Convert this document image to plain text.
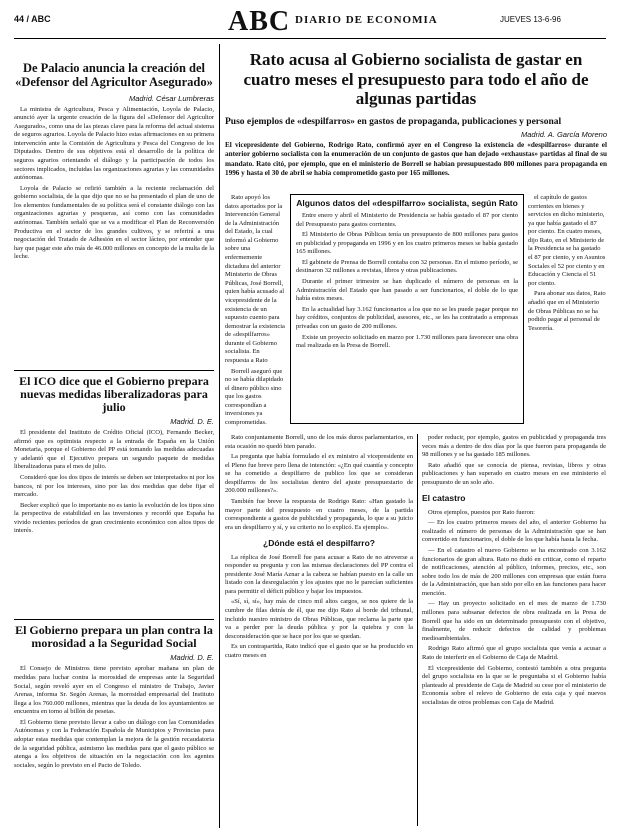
44 / ABC	ABC DIARIO DE ECONOMIA	JUEVES 13-6-96
De Palacio anuncia la creación del «Defensor del Agricultor Asegurado»
Madrid. César Lumbreras

La ministra de Agricultura, Pesca y Alimentación, Loyola de Palacio, anunció ayer la urgente creación de la figura del «Defensor del Agricultor Asegurado», como una de las piezas clave para la reforma del actual sistema de seguros agrarios. Loyola de Palacio hizo estas afirmaciones en su primera intervención ante la Comisión de Agricultura y Pesca del Congreso de los Diputados. Dentro de sus objetivos está el desarrollo de la política de seguros agrarios orientando el diálogo y la participación de todos los sectores implicados, incluidas las organizaciones agrarias y las comunidades autónomas.

Loyola de Palacio se refirió también a la reciente reclamación del gobierno socialista, de la que dijo que no se ha presentado el plan de uno de los elementos fundamentales de su política será el constante diálogo con las organizaciones agrarias y pesqueras, así como con las comunidades autónomas. También señaló que se va a modificar el Plan de Reconversión Productiva en el sector de los grandes cultivos, y se referirá a una negociación del Tratado de Adhesión en el sector lácteo, por entender que hay que pagar este año más de 46.000 millones en concepto de la multa de la leche.

El ICO dice que el Gobierno prepara nuevas medidas liberalizadoras para julio
Madrid. D. E.

El presidente del Instituto de Crédito Oficial (ICO), Fernando Becker, afirmó que es optimista respecto a la entrada de España en la Unión Monetaria, porque el Gobierno del PP está tomando las medidas adecuadas y adelantó que el Ejecutivo prepara un segundo paquete de medidas liberalizadoras para el mes de julio.

Consideró que los dos tipos de interés se deben ser interpretados ni por los bancos, ni por los intereses, sino por las dos medidas que debe fijar el mercado.

Becker explicó que lo importante no es tanto la evolución de los tipos sino la perspectiva de estabilidad en las inversiones y recordó que España ha vivido recientes períodos de gran crecimiento económico con altos tipos de interés.

El Gobierno prepara un plan contra la morosidad a la Seguridad Social
Madrid. D. E.

El Consejo de Ministros tiene previsto aprobar mañana un plan de medidas para luchar contra la morosidad de empresas ante la Seguridad Social, según reveló ayer en el Congreso el ministro de Trabajo, Javier Arenas, informa Sr. Segón Arenas, la morosidad empresarial del Instituto llega a los 760.000 millones, mientras que la deuda de los ayuntamientos se encuentra en torno al billón de pesetas.

El Gobierno tiene previsto llevar a cabo un diálogo con las Comunidades Autónomas y con la Federación Española de Municipios y Provincias para adoptar estas medidas que contemplan la mejora de la gestión recaudatoria de la seguridad pública, asimismo las medidas para que el gasto público se atenga a los objetivos de situación en la negociación con los agentes sociales, según lo previsto en el Pacto de Toledo.

Rato acusa al Gobierno socialista de gastar en cuatro meses el presupuesto para todo el año de algunas partidas
Puso ejemplos de «despilfarros» en gastos de propaganda, publicaciones y personal
Madrid. A. García Moreno
El vicepresidente del Gobierno, Rodrigo Rato, confirmó ayer en el Congreso la existencia de «despilfarros» durante el anterior gobierno socialista con la enumeración de un conjunto de gastos que han dejado «exhaustas» partidas al final de su mandato. Rato citó, por ejemplo, que en el ministerio de Borrell se habían presupuestado 800 millones para propaganda en 1996 y hasta el 30 de abril se había comprometido gasto por 165 millones.

Rato apoyó los datos aportados por la Intervención General de la Administración del Estado, la cual informó al Gobierno sobre una enfermemente dictadura del anterior Ministerio de Obras Públicas, José Borrell, quien había acusado al vicepresidente de la existencia de un supuesto cuento para demostrar la existencia de «despilfarros» durante el Gobierno socialista. En respuesta a Rato

Borrell aseguró que no se había dilapidado el dinero público sino que los gastos correspondían a inversiones ya comprometidas.

Algunos datos del «despilfarro» socialista, según Rato

Entre enero y abril el Ministerio de Presidencia se había gastado el 87 por ciento del Presupuesto para gastos corrientes.

El Ministerio de Obras Públicas tenía un presupuesto de 800 millones para gastos en publicidad y propaganda en 1996 y en los cuatro primeros meses se había gastado 165 millones.

El gabinete de Prensa de Borrell contaba con 32 personas. En el mismo período, se destinaron 32 millones a revistas, libros y otras publicaciones.

Durante el primer trimestre se han duplicado el número de personas en la Administración del Estado que han pasado a ser funcionarios, el doble de lo que había estos meses.

En la actualidad hay 3.162 funcionarios a los que no se les puede pagar porque no hay créditos, conjuntos de publicidad, asesores, etc., se les ha contratado a empresas privadas con un gasto de 200 millones.

Existe un proyecto solicitado en marzo por 1.730 millones para favorecer una obra mal realizada en la Presa de Borrell.

el capítulo de gastos corrientes en bienes y servicios en dicho ministerio, ya que había gastado el 87 por ciento. En cuatro meses, dijo Rato, en el Ministerio de la Presidencia se ha gastado el 87 por ciento, y en Asuntos Sociales el 52 por ciento y en Educación y Ciencia el 51 por ciento.

Para abonar sus datos, Rato añadió que en el Ministerio de Obras Públicas no se ha podido pagar al personal de Tesorería.

Rato conjuntamente Borrell, uno de los más duros parlamentarios, en esta ocasión no quedó bien parado.

La pregunta que había formulado el ex ministro al vicepresidente en el Pleno fue breve pero llena de intención: «¿En qué cuantía y concepto se ha cometido a despilfarro de publico los que se consideran despilfarros de los socialistas dentro del ajuste presupuestario de 200.000 millones?».

También fue breve la respuesta de Rodrigo Rato: «Han gastado la mayor parte del presupuesto en cuatro meses, de la partida correspondiente a gastos de publicidad y propaganda, lo que a su juicio era un despilfarro y sí, y su criterio no lo explicó. Es ejemplo».

¿Dónde está el despilfarro?

La réplica de José Borrell fue para acusar a Rato de no atreverse a responder su pregunta y con las mismas declaraciones del PP contra el presidente José María Aznar a la cabeza se habían puesto en la calle un listado con la desregulación y los ajustes que no le parecían suficientes para permitir el déficit público y bajar los impuestos.

«Sí, sí, sí», hay más de cinco mil altos cargos, se nos quiere de la cumbre de filas detrás de él, que me dijo Rato al borde del tribunal, incluido nuestro ministro de Obras Públicas, que reclama la parte que va a perder por la deuda pública y por la quiebra y con la desconsideración que se hace por los que se quedan.

Es un contrapartida, Rato indicó que el gasto que se ha producido en cuatro meses en

poder reducir, por ejemplo, gastos en publicidad y propaganda tres veces más a dentro de dos días por la que fueron para propaganda de 98 millones y se ha gastado 185 millones.

Rato añadió que se conocía de piensa, revistas, libros y otras publicaciones y han superado en cuatro meses en ese ministerio el presupuesto de un solo año.

El catastro

Otros ejemplos, puestos por Rato fueron:

— En los cuatro primeros meses del año, el anterior Gobierno ha realizado el número de personas de la Administración que se han convertido en funcionarios, el doble de los que había hasta la fecha.

— En el catastro el nuevo Gobierno se ha encontrado con 3.162 funcionarios de gran altura. Rato no dudó en criticar, como el reparto de notificaciones, atención al público, informes, precios, etc., son sobre todo los de más de 200 millones con empresas que están fuera de la Administración, que han sido por ello en las funciones para hacer mención.

— Hay un proyecto solicitado en el mes de marzo de 1.730 millones para subsanar defectos de obra realizada en la Presa de Borrell que ha sido en un determinado presupuesto con el objetivo, finalmente, de reducir defectos de calidad y problemas medioambientales.

Rodrigo Rato afirmó que el grupo socialista que venía a acusar a Rato de interferir en el Gobierno de Caja de Madrid.

El vicepresidente del Gobierno, contestó también a otra pregunta del grupo socialista en la que se le preguntaba si el Gobierno había planteado al presidente de Caja de Madrid su cese por el ministerio de Economía sobre el relevo de Gobierno de esta caja y qué nuevos socialistas de otros problemas con Caja de Madrid.
